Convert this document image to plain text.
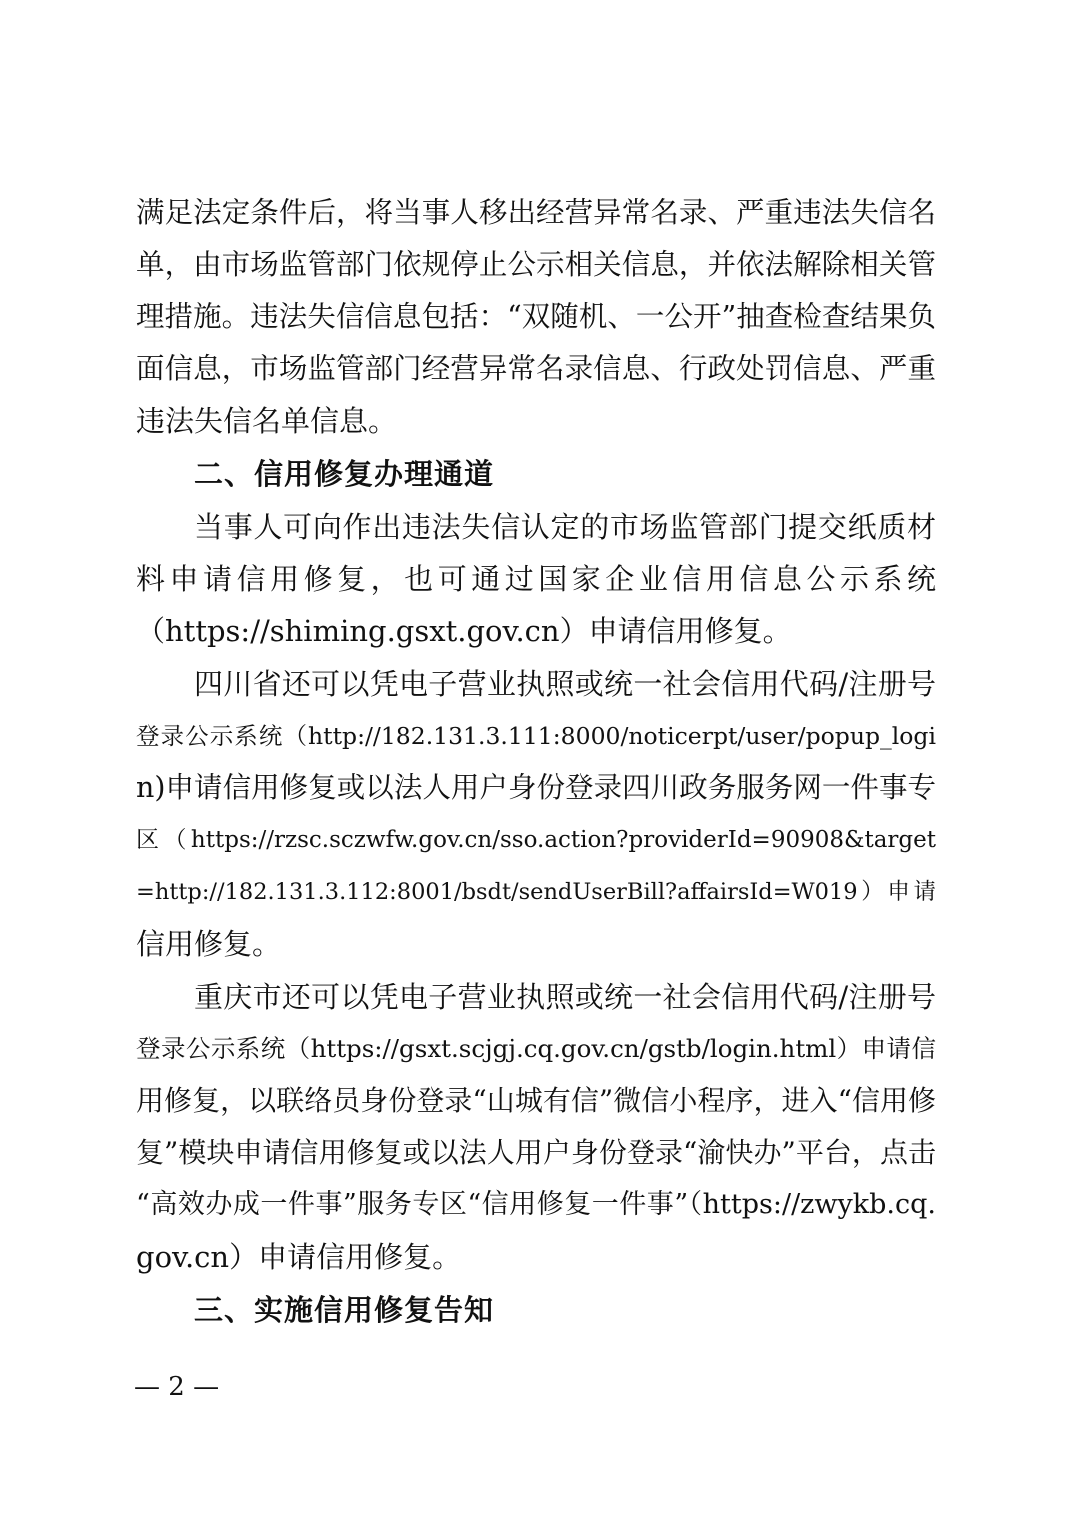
满足法定条件后，将当事人移出经营异常名录、严重违法失信名
单，由市场监管部门依规停止公示相关信息，并依法解除相关管
理措施。违法失信信息包括：“双随机、一公开”抽查检查结果负
面信息，市场监管部门经营异常名录信息、行政处罚信息、严重
违法失信名单信息。
二、信用修复办理通道
当事人可向作出违法失信认定的市场监管部门提交纸质材
料申请信用修复，也可通过国家企业信用信息公示系统
（https://shiming.gsxt.gov.cn）申请信用修复。
四川省还可以凭电子营业执照或统一社会信用代码/注册号
登录公示系统（http://182.131.3.111:8000/noticerpt/user/popup_logi
n)申请信用修复或以法人用户身份登录四川政务服务网一件事专
区（https://rzsc.sczwfw.gov.cn/sso.action?providerId=90908&target
=http://182.131.3.112:8001/bsdt/sendUserBill?affairsId=W019）申请
信用修复。
重庆市还可以凭电子营业执照或统一社会信用代码/注册号
登录公示系统（https://gsxt.scjgj.cq.gov.cn/gstb/login.html）申请信
用修复，以联络员身份登录“山城有信”微信小程序，进入“信用修
复”模块申请信用修复或以法人用户身份登录“渝快办”平台，点击
“高效办成一件事”服务专区“信用修复一件事”（https://zwykb.cq.
gov.cn）申请信用修复。
三、实施信用修复告知
— 2 —
